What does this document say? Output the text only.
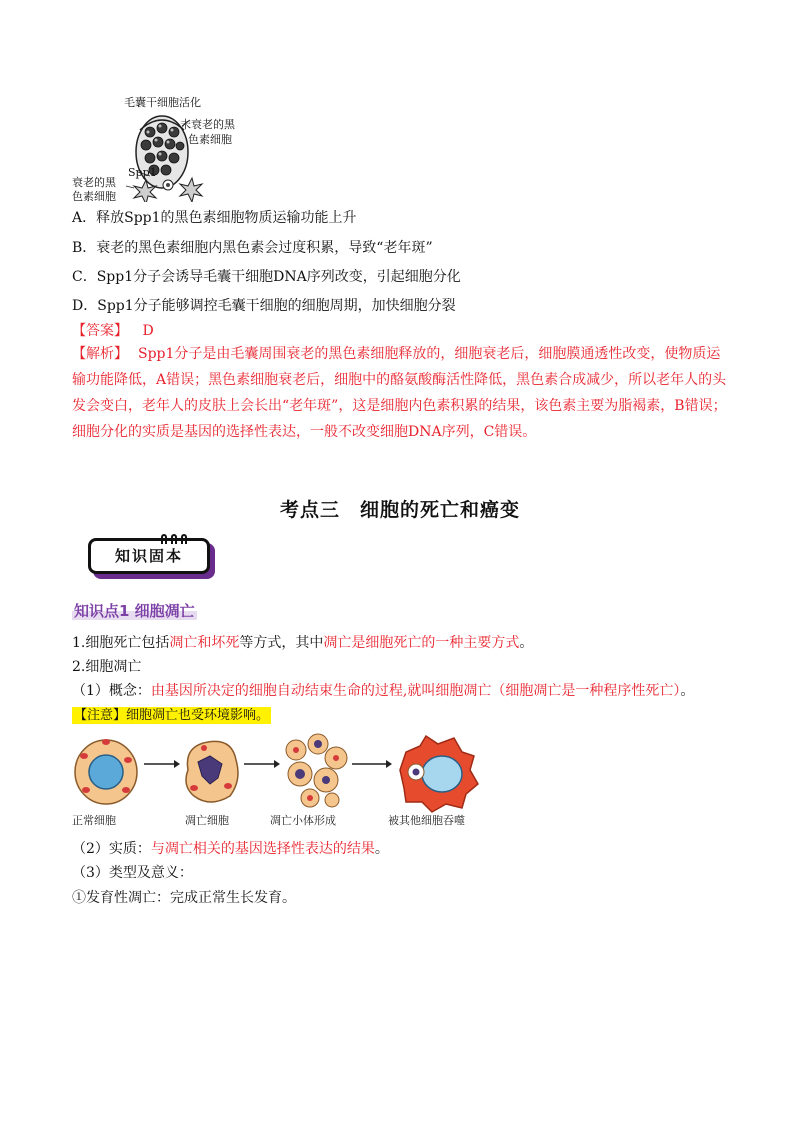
毛囊干细胞活化
未衰老的黑
色素细胞
Spp1
衰老的黑
色素细胞
A．释放Spp1的黑色素细胞物质运输功能上升
B．衰老的黑色素细胞内黑色素会过度积累，导致“老年斑”
C．Spp1分子会诱导毛囊干细胞DNA序列改变，引起细胞分化
D．Spp1分子能够调控毛囊干细胞的细胞周期，加快细胞分裂
【答案】 D
【解析】 Spp1分子是由毛囊周围衰老的黑色素细胞释放的，细胞衰老后，细胞膜通透性改变，使物质运输功能降低，A错误；黑色素细胞衰老后，细胞中的酪氨酸酶活性降低，黑色素合成减少，所以老年人的头发会变白，老年人的皮肤上会长出“老年斑”，这是细胞内色素积累的结果，该色素主要为脂褐素，B错误；细胞分化的实质是基因的选择性表达，一般不改变细胞DNA序列，C错误。
考点三　细胞的死亡和癌变
知识固本
知识点1 细胞凋亡
1.细胞死亡包括凋亡和坏死等方式，其中凋亡是细胞死亡的一种主要方式。
2.细胞凋亡
（1）概念：由基因所决定的细胞自动结束生命的过程,就叫细胞凋亡（细胞凋亡是一种程序性死亡）。
【注意】细胞凋亡也受环境影响。
正常细胞	凋亡细胞	凋亡小体形成	被其他细胞吞噬
（2）实质：与凋亡相关的基因选择性表达的结果。
（3）类型及意义：
①发育性凋亡：完成正常生长发育。
